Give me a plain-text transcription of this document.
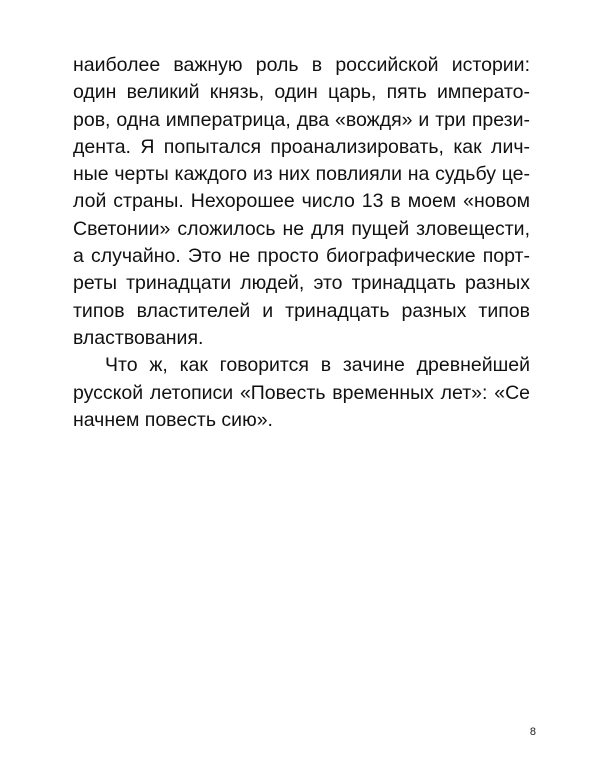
наиболее важную роль в российской истории:
один великий князь, один царь, пять императо-
ров, одна императрица, два «вождя» и три прези-
дента. Я попытался проанализировать, как лич-
ные черты каждого из них повлияли на судьбу це-
лой страны. Нехорошее число 13 в моем «новом
Светонии» сложилось не для пущей зловещести,
а случайно. Это не просто биографические порт-
реты тринадцати людей, это тринадцать разных
типов властителей и тринадцать разных типов
властвования.
Что ж, как говорится в зачине древнейшей
русской летописи «Повесть временных лет»: «Се
начнем повесть сию».
8
